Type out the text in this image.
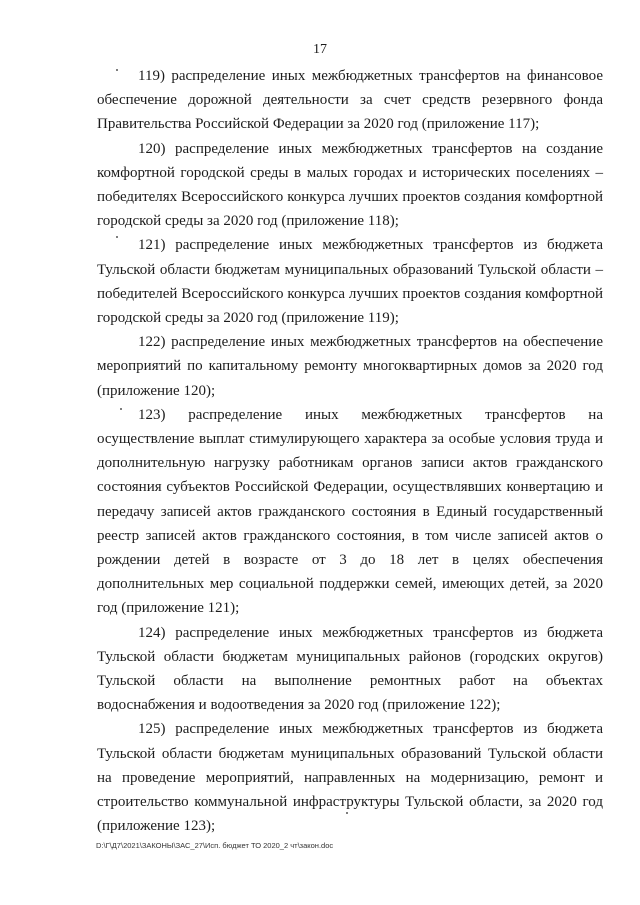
17

119) распределение иных межбюджетных трансфертов на финансовое обеспечение дорожной деятельности за счет средств резервного фонда Правительства Российской Федерации за 2020 год (приложение 117);

120) распределение иных межбюджетных трансфертов на создание комфортной городской среды в малых городах и исторических поселениях – победителях Всероссийского конкурса лучших проектов создания комфортной городской среды за 2020 год (приложение 118);

121) распределение иных межбюджетных трансфертов из бюджета Тульской области бюджетам муниципальных образований Тульской области – победителей Всероссийского конкурса лучших проектов создания комфортной городской среды за 2020 год (приложение 119);

122) распределение иных межбюджетных трансфертов на обеспечение мероприятий по капитальному ремонту многоквартирных домов за 2020 год (приложение 120);

123) распределение иных межбюджетных трансфертов на осуществление выплат стимулирующего характера за особые условия труда и дополнительную нагрузку работникам органов записи актов гражданского состояния субъектов Российской Федерации, осуществлявших конвертацию и передачу записей актов гражданского состояния в Единый государственный реестр записей актов гражданского состояния, в том числе записей актов о рождении детей в возрасте от 3 до 18 лет в целях обеспечения дополнительных мер социальной поддержки семей, имеющих детей, за 2020 год (приложение 121);

124) распределение иных межбюджетных трансфертов из бюджета Тульской области бюджетам муниципальных районов (городских округов) Тульской области на выполнение ремонтных работ на объектах водоснабжения и водоотведения за 2020 год (приложение 122);

125) распределение иных межбюджетных трансфертов из бюджета Тульской области бюджетам муниципальных образований Тульской области на проведение мероприятий, направленных на модернизацию, ремонт и строительство коммунальной инфраструктуры Тульской области, за 2020 год (приложение 123);

D:\Г\Д7\2021\ЗАКОНЫ\ЗАС_27\Исп. бюджет ТО 2020_2 чт\закон.doc
